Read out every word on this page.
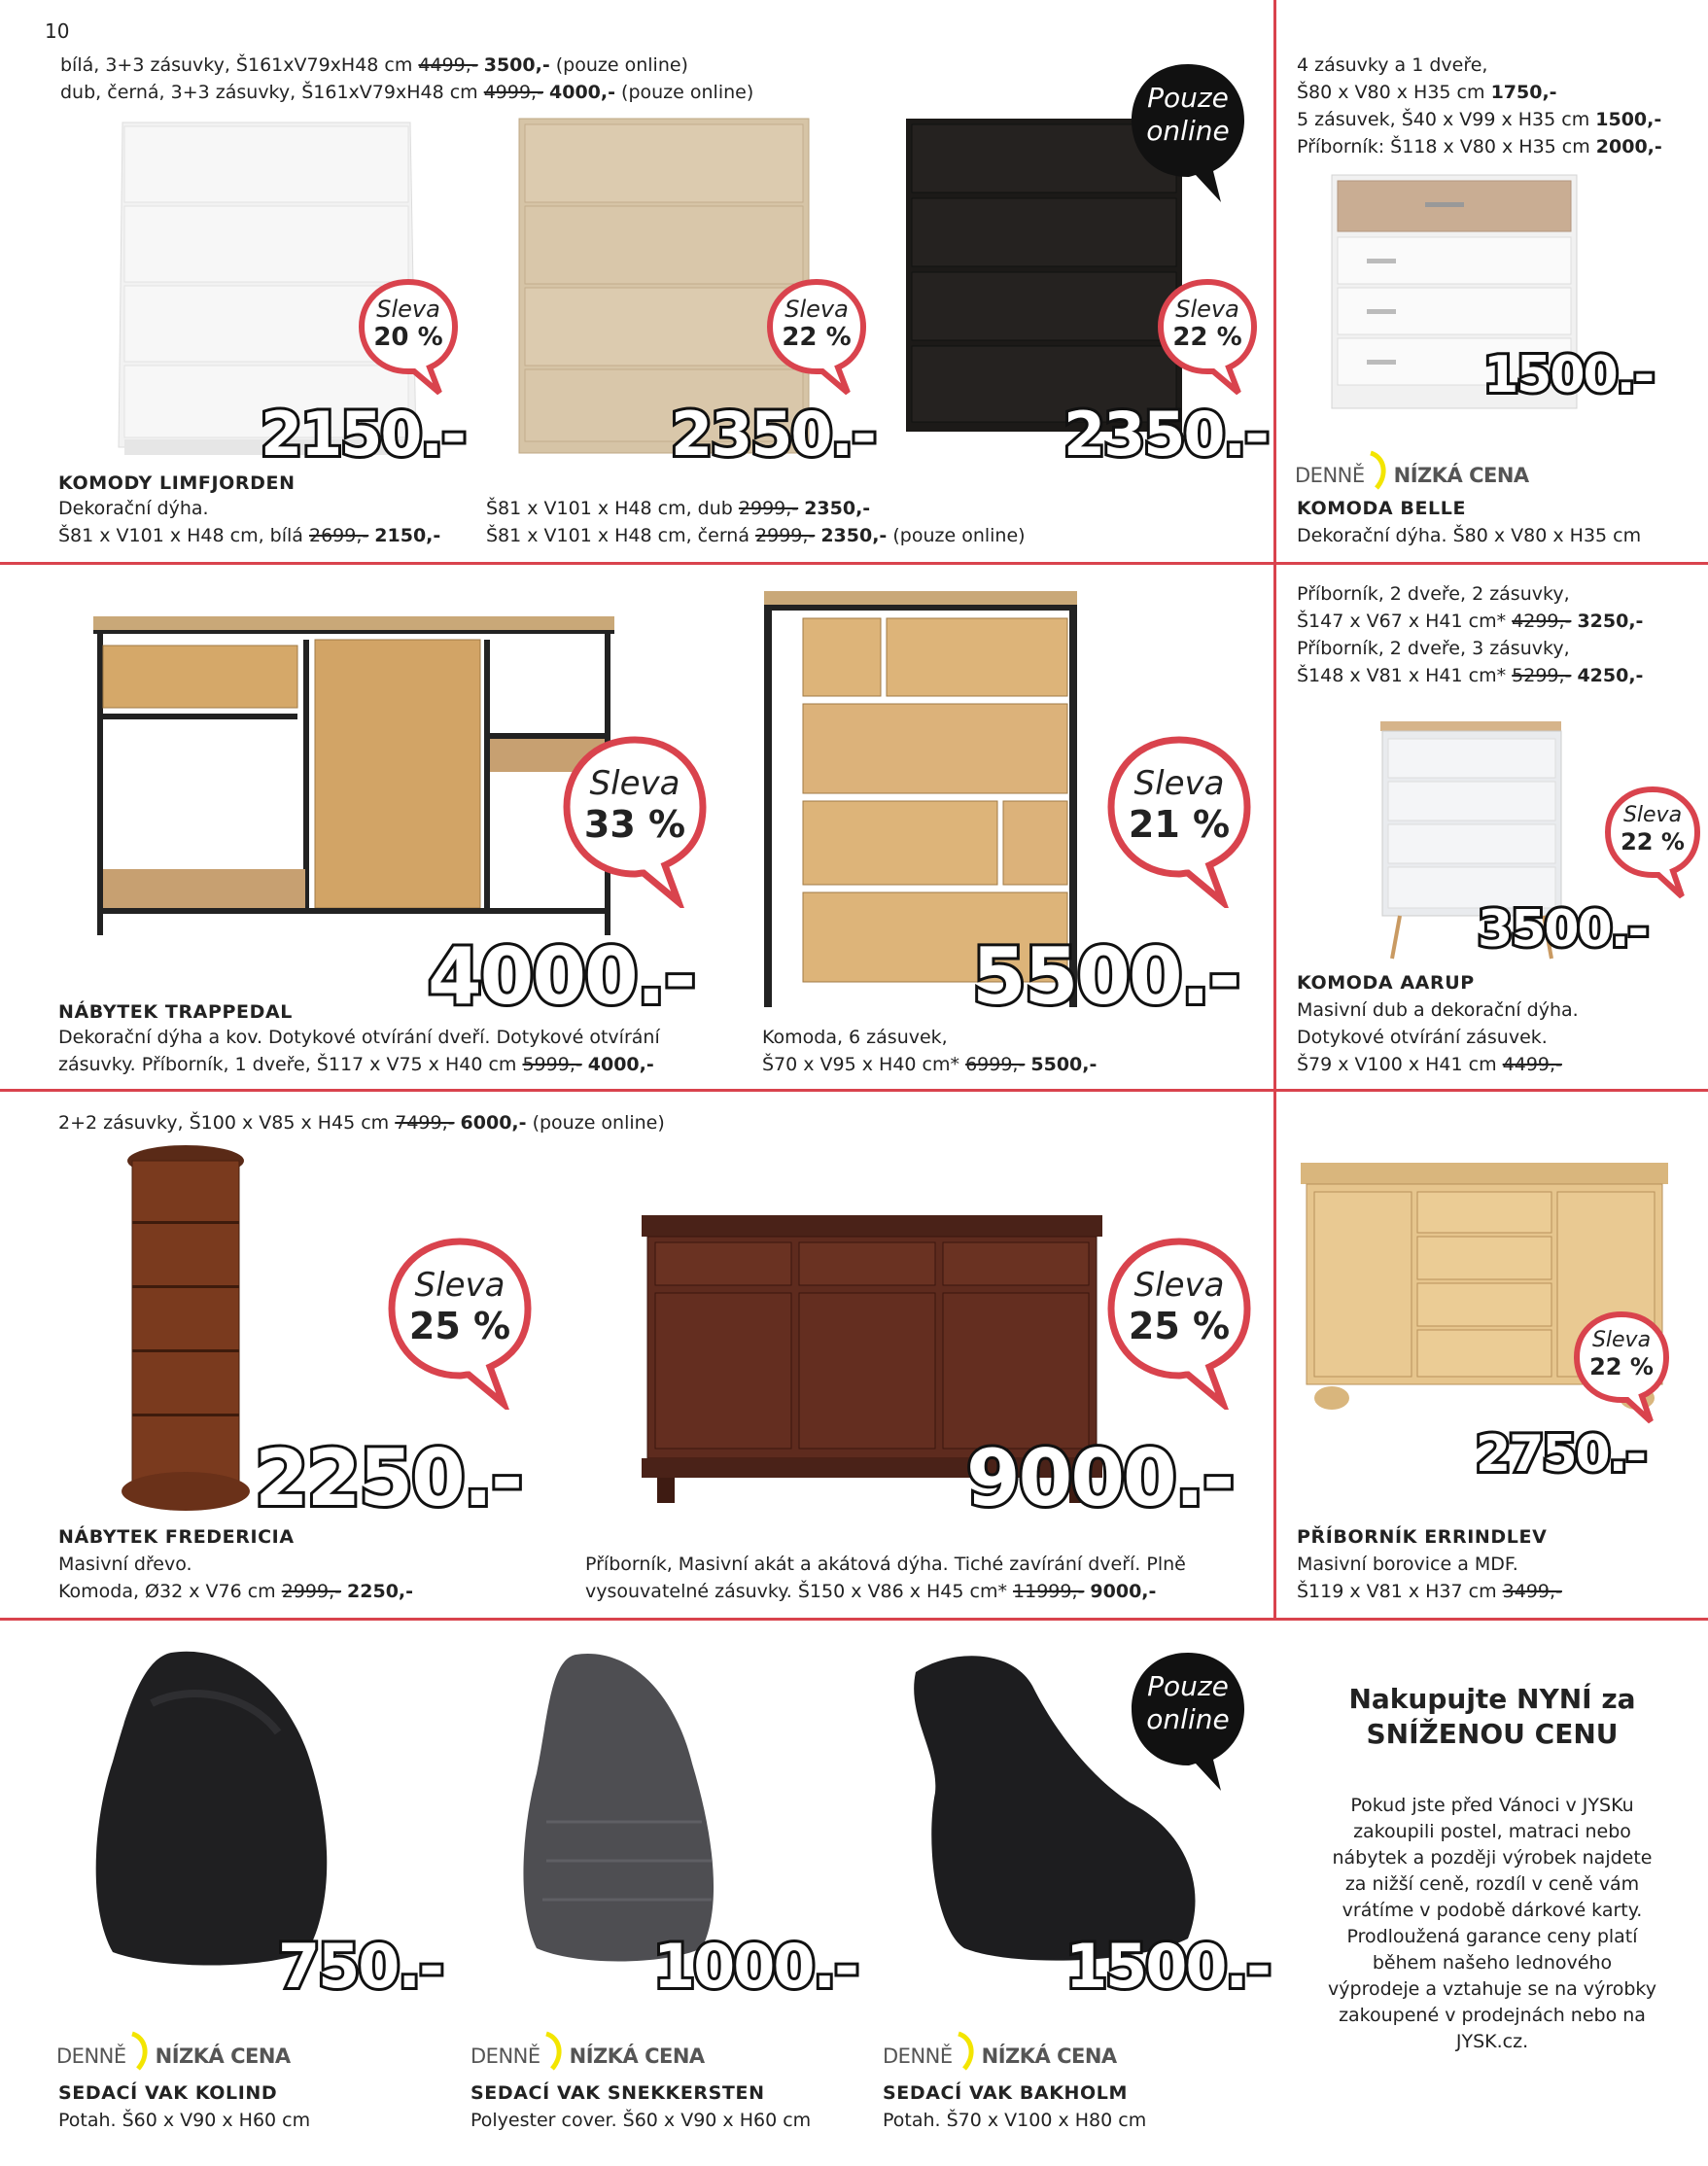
10
bílá, 3+3 zásuvky, Š161xV79xH48 cm 4499,- 3500,- (pouze online)
dub, černá, 3+3 zásuvky, Š161xV79xH48 cm 4999,- 4000,- (pouze online)	Pouze
online
Sleva
20 %
Sleva
22 %
Sleva
22 %
2150.-	2350.-	2350.-
KOMODY LIMFJORDEN
Dekorační dýha.
Š81 x V101 x H48 cm, bílá 2699,- 2150,-
Š81 x V101 x H48 cm, dub 2999,- 2350,-
Š81 x V101 x H48 cm, černá 2999,- 2350,- (pouze online)
4 zásuvky a 1 dveře,
Š80 x V80 x H35 cm 1750,-
5 zásuvek, Š40 x V99 x H35 cm 1500,-
Příborník: Š118 x V80 x H35 cm 2000,-
1500.-
DENNĚ NÍZKÁ CENA
KOMODA BELLE
Dekorační dýha. Š80 x V80 x H35 cm
Sleva
33 %
4000.-
NÁBYTEK TRAPPEDAL
Dekorační dýha a kov. Dotykové otvírání dveří. Dotykové otvírání
zásuvky. Příborník, 1 dveře, Š117 x V75 x H40 cm 5999,- 4000,-
Sleva
21 %
5500.-
Komoda, 6 zásuvek,
Š70 x V95 x H40 cm* 6999,- 5500,-
Příborník, 2 dveře, 2 zásuvky,
Š147 x V67 x H41 cm* 4299,- 3250,-
Příborník, 2 dveře, 3 zásuvky,
Š148 x V81 x H41 cm* 5299,- 4250,-
Sleva
22 %
3500.-
KOMODA AARUP
Masivní dub a dekorační dýha.
Dotykové otvírání zásuvek.
Š79 x V100 x H41 cm 4499,-
2+2 zásuvky, Š100 x V85 x H45 cm 7499,- 6000,- (pouze online)
Sleva
25 %
2250.-
NÁBYTEK FREDERICIA
Masivní dřevo.
Komoda, Ø32 x V76 cm 2999,- 2250,-
Sleva
25 %
9000.-
Příborník, Masivní akát a akátová dýha. Tiché zavírání dveří. Plně
vysouvatelné zásuvky. Š150 x V86 x H45 cm* 11999,- 9000,-
Sleva
22 %
2750.-
PŘÍBORNÍK ERRINDLEV
Masivní borovice a MDF.
Š119 x V81 x H37 cm 3499,-
Pouze
online
750.-	1000.-	1500.-
DENNĚ NÍZKÁ CENA	DENNĚ NÍZKÁ CENA	DENNĚ NÍZKÁ CENA
SEDACÍ VAK KOLIND
Potah. Š60 x V90 x H60 cm
SEDACÍ VAK SNEKKERSTEN
Polyester cover. Š60 x V90 x H60 cm
SEDACÍ VAK BAKHOLM
Potah. Š70 x V100 x H80 cm
Nakupujte NYNÍ za
SNÍŽENOU CENU
Pokud jste před Vánoci v JYSKu
zakoupili postel, matraci nebo
nábytek a později výrobek najdete
za nižší ceně, rozdíl v ceně vám
vrátíme v podobě dárkové karty.
Prodloužená garance ceny platí
během našeho lednového
výprodeje a vztahuje se na výrobky
zakoupené v prodejnách nebo na
JYSK.cz.
